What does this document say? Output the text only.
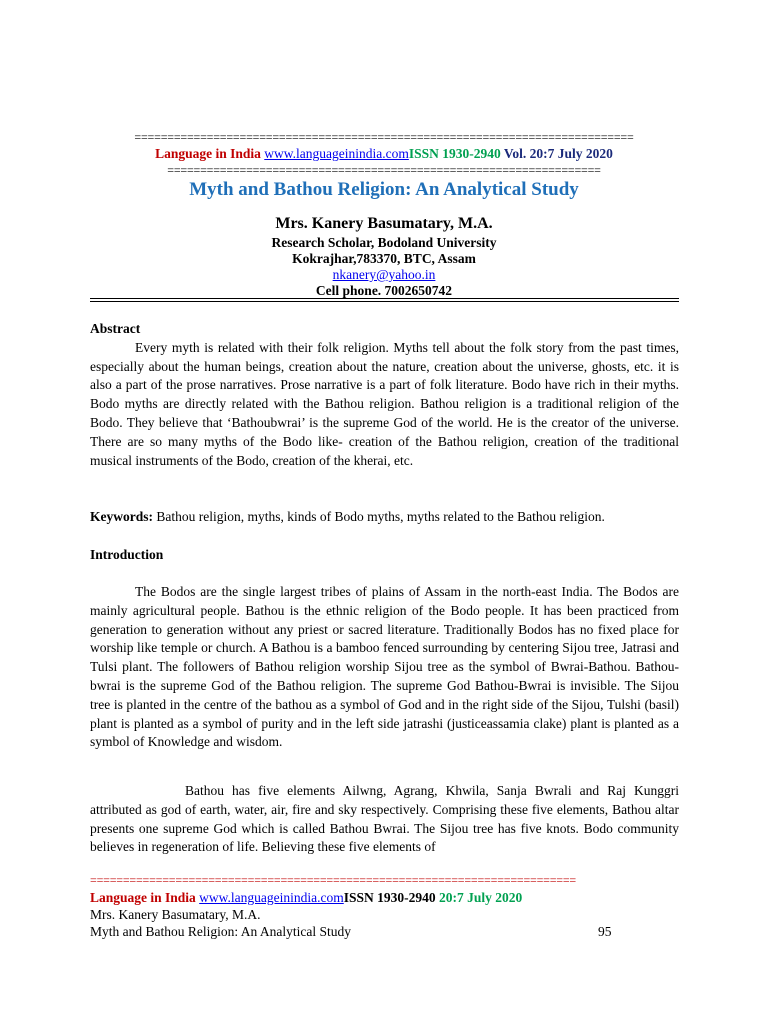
============================================================================
Language in India www.languageinindia.comISSN 1930-2940 Vol. 20:7 July 2020
==================================================================
Myth and Bathou Religion: An Analytical Study
Mrs. Kanery Basumatary, M.A.
Research Scholar, Bodoland University
Kokrajhar,783370, BTC, Assam
nkanery@yahoo.in
Cell phone. 7002650742

Abstract

Every myth is related with their folk religion. Myths tell about the folk story from the past times, especially about the human beings, creation about the nature, creation about the universe, ghosts, etc. it is also a part of the prose narratives. Prose narrative is a part of folk literature. Bodo have rich in their myths. Bodo myths are directly related with the Bathou religion. Bathou religion is a traditional religion of the Bodo. They believe that ‘Bathoubwrai’ is the supreme God of the world. He is the creator of the universe. There are so many myths of the Bodo like- creation of the Bathou religion, creation of the traditional musical instruments of the Bodo, creation of the kherai, etc.

Keywords: Bathou religion, myths, kinds of Bodo myths, myths related to the Bathou religion.

Introduction

The Bodos are the single largest tribes of plains of Assam in the north-east India. The Bodos are mainly agricultural people. Bathou is the ethnic religion of the Bodo people. It has been practiced from generation to generation without any priest or sacred literature. Traditionally Bodos has no fixed place for worship like temple or church. A Bathou is a bamboo fenced surrounding by centering Sijou tree, Jatrasi and Tulsi plant. The followers of Bathou religion worship Sijou tree as the symbol of Bwrai-Bathou. Bathou-bwrai is the supreme God of the Bathou religion. The supreme God Bathou-Bwrai is invisible. The Sijou tree is planted in the centre of the bathou as a symbol of God and in the right side of the Sijou, Tulshi (basil) plant is planted as a symbol of purity and in the left side jatrashi (justiceassamia clake) plant is planted as a symbol of Knowledge and wisdom.

Bathou has five elements Ailwng, Agrang, Khwila, Sanja Bwrali and Raj Kunggri attributed as god of earth, water, air, fire and sky respectively. Comprising these five elements, Bathou altar presents one supreme God which is called Bathou Bwrai. The Sijou tree has five knots. Bodo community believes in regeneration of life. Believing these five elements of

==========================================================================
Language in India www.languageinindia.comISSN 1930-2940 20:7 July 2020
Mrs. Kanery Basumatary, M.A.
Myth and Bathou Religion: An Analytical Study	95
